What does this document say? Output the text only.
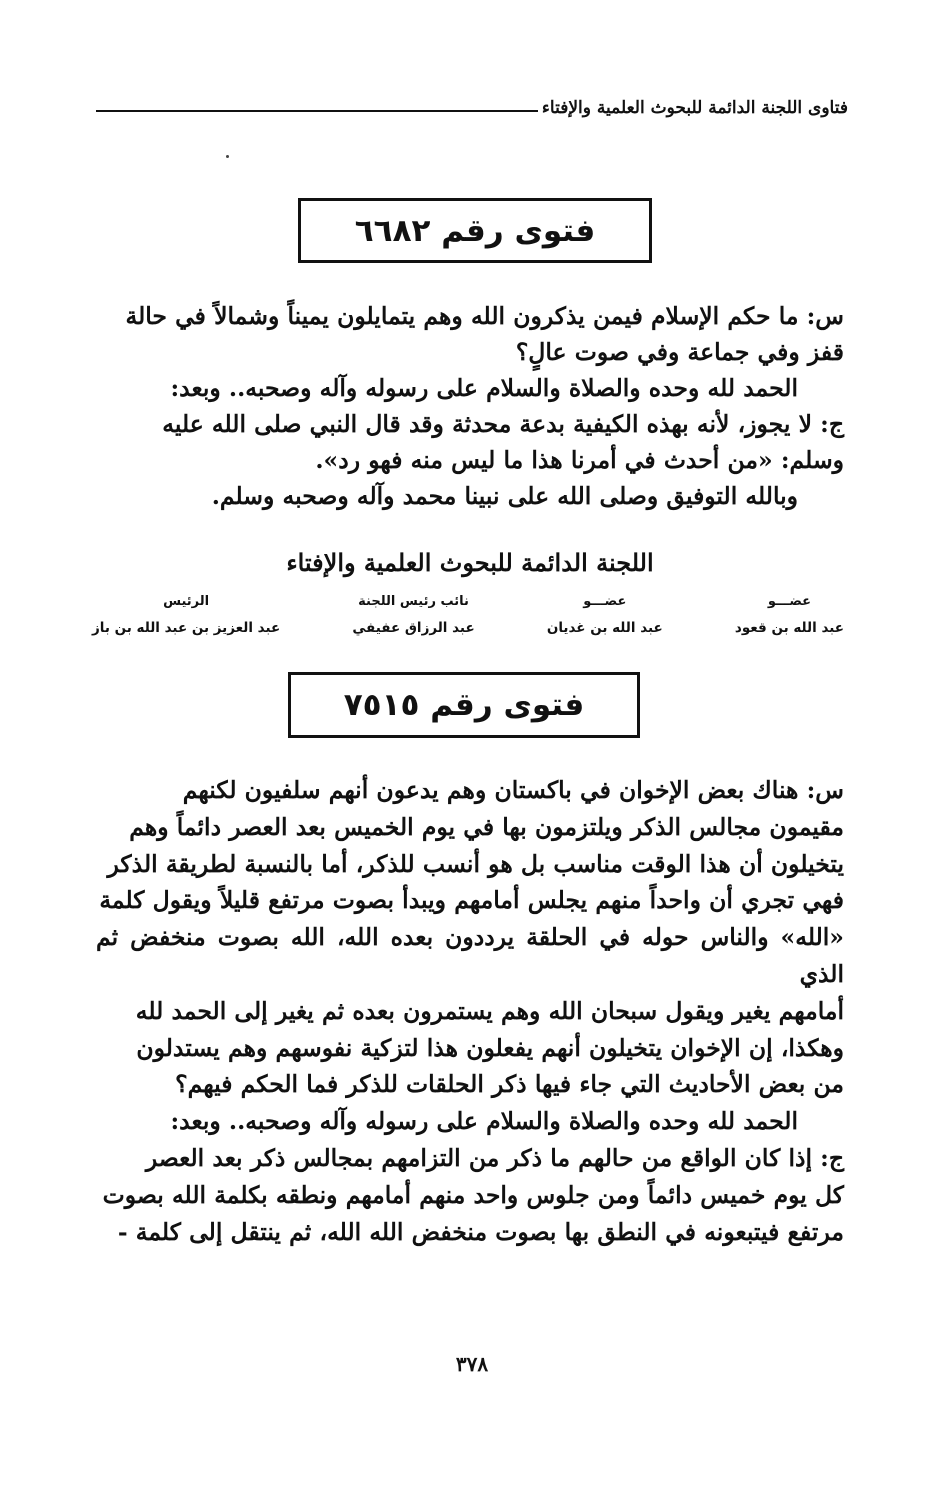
فتاوى اللجنة الدائمة للبحوث العلمية والإفتاء
فتوى رقم ٦٦٨٢

س: ما حكم الإسلام فيمن يذكرون الله وهم يتمايلون يميناً وشمالاً في حالة

قفز وفي جماعة وفي صوت عالٍ؟

الحمد لله وحده والصلاة والسلام على رسوله وآله وصحبه.. وبعد:

ج: لا يجوز، لأنه بهذه الكيفية بدعة محدثة وقد قال النبي صلى الله عليه

وسلم: «من أحدث في أمرنا هذا ما ليس منه فهو رد».

وبالله التوفيق وصلى الله على نبينا محمد وآله وصحبه وسلم.

اللجنة الدائمة للبحوث العلمية والإفتاء
عضـــو
عبد الله بن قعود
عضـــو
عبد الله بن غديان
نائب رئيس اللجنة
عبد الرزاق عفيفي
الرئيس
عبد العزيز بن عبد الله بن باز
فتوى رقم ٧٥١٥

س: هناك بعض الإخوان في باكستان وهم يدعون أنهم سلفيون لكنهم

مقيمون مجالس الذكر ويلتزمون بها في يوم الخميس بعد العصر دائماً وهم

يتخيلون أن هذا الوقت مناسب بل هو أنسب للذكر، أما بالنسبة لطريقة الذكر

فهي تجري أن واحداً منهم يجلس أمامهم ويبدأ بصوت مرتفع قليلاً ويقول كلمة

«الله» والناس حوله في الحلقة يرددون بعده الله، الله بصوت منخفض ثم الذي

أمامهم يغير ويقول سبحان الله وهم يستمرون بعده ثم يغير إلى الحمد لله

وهكذا، إن الإخوان يتخيلون أنهم يفعلون هذا لتزكية نفوسهم وهم يستدلون

من بعض الأحاديث التي جاء فيها ذكر الحلقات للذكر فما الحكم فيهم؟

الحمد لله وحده والصلاة والسلام على رسوله وآله وصحبه.. وبعد:

ج: إذا كان الواقع من حالهم ما ذكر من التزامهم بمجالس ذكر بعد العصر

كل يوم خميس دائماً ومن جلوس واحد منهم أمامهم ونطقه بكلمة الله بصوت

مرتفع فيتبعونه في النطق بها بصوت منخفض الله الله، ثم ينتقل إلى كلمة -

٣٧٨
